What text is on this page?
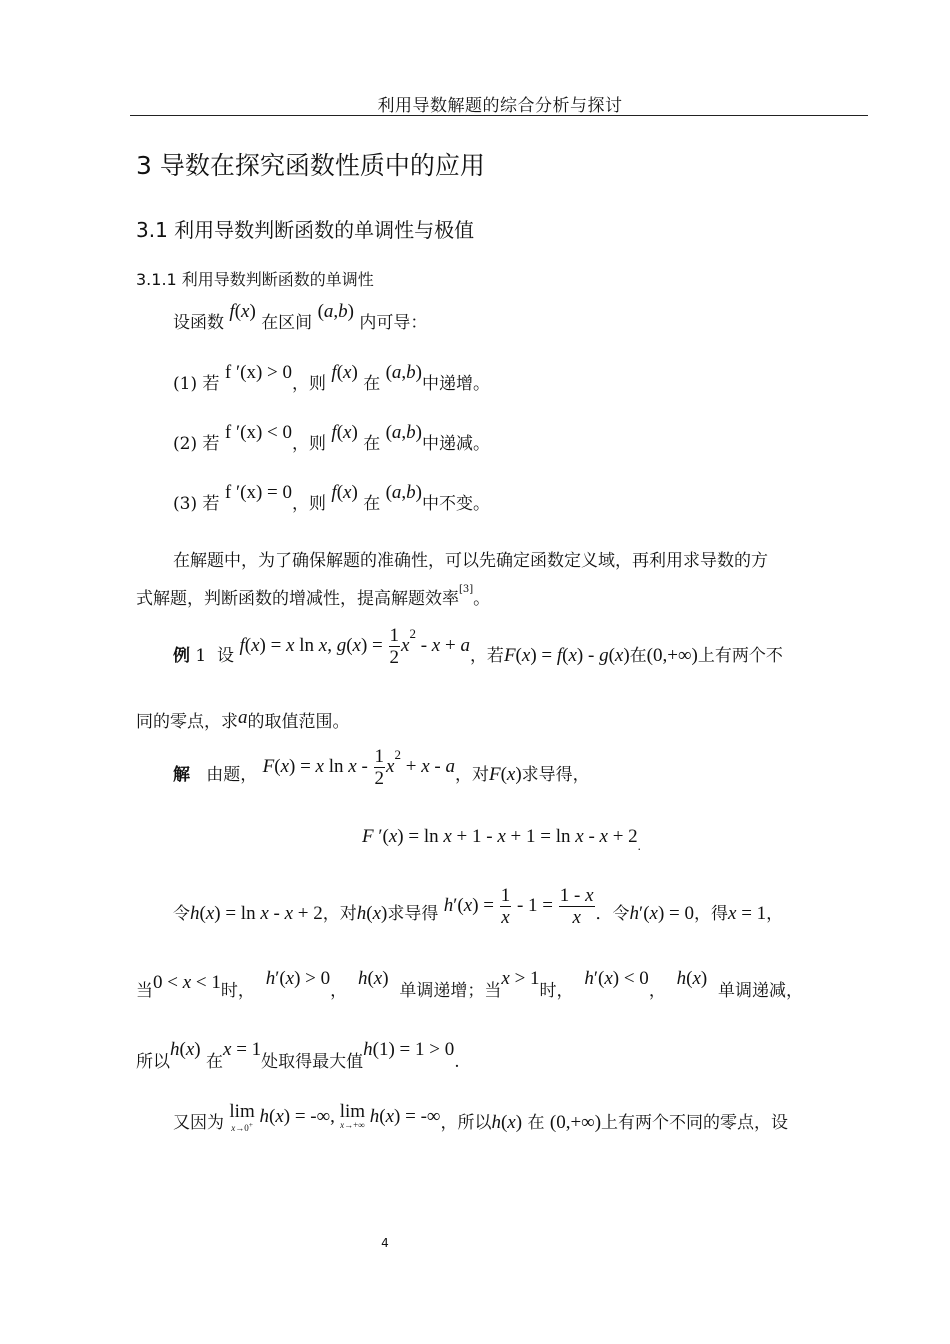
利用导数解题的综合分析与探讨
3 导数在探究函数性质中的应用
3.1 利用导数判断函数的单调性与极值
3.1.1 利用导数判断函数的单调性
设函数 f(x) 在区间 (a,b) 内可导：
(1) 若 f ′(x) > 0，则 f(x) 在 (a,b)中递增。
(2) 若 f ′(x) < 0，则 f(x) 在 (a,b)中递减。
(3) 若 f ′(x) = 0，则 f(x) 在 (a,b)中不变。
在解题中，为了确保解题的准确性，可以先确定函数定义域，再利用求导数的方
式解题，判断函数的增减性，提高解题效率[3]。
例 1 设 f(x) = x ln x, $g(x) = \frac{1}{2} x^2 - x + a$，若F(x) = f(x) - g(x)在(0,+∞)上有两个不
同的零点，求a的取值范围。
解 由题， F(x) = x $\ln x - \frac{1}{2} x^2 + x - a$，对F(x)求导得，
F $'(x) = \ln x + 1 - x + 1 = \ln x - x + 2_.$
令h(x) = ln x - x + 2，对h(x)求导得 $h'(x) = \frac{1}{x} - 1 = \frac{1 - x}{x}$ ．令h′(x) = 0，得x = 1，
当0 < x < 1时，  h′(x) > 0，  h(x)  单调递增；当x > 1时，  h′(x) < 0，  h(x)  单调递减，
所以h(x) 在x = 1处取得最大值h(1) = 1 > 0.
又因为 lim
x→0+ h(x) = -∞, lim
x→+∞ h(x) = -∞，所以h(x) 在 (0,+∞)上有两个不同的零点，设
4
